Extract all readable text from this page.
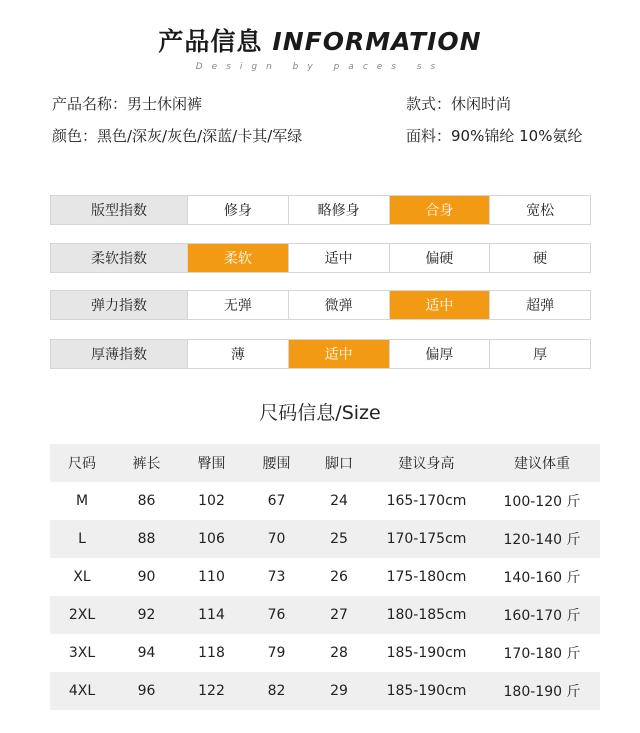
产品信息 INFORMATION
Design by paces ss
产品名称：男士休闲裤	款式：休闲时尚
颜色：黑色/深灰/灰色/深蓝/卡其/军绿	面料：90%锦纶 10%氨纶
版型指数	修身	略修身	合身	宽松
柔软指数	柔软	适中	偏硬	硬
弹力指数	无弹	微弹	适中	超弹
厚薄指数	薄	适中	偏厚	厚
尺码信息/Size
尺码	裤长	臀围	腰围	脚口	建议身高	建议体重
M	86	102	67	24	165-170cm	100-120 斤
L	88	106	70	25	170-175cm	120-140 斤
XL	90	110	73	26	175-180cm	140-160 斤
2XL	92	114	76	27	180-185cm	160-170 斤
3XL	94	118	79	28	185-190cm	170-180 斤
4XL	96	122	82	29	185-190cm	180-190 斤
